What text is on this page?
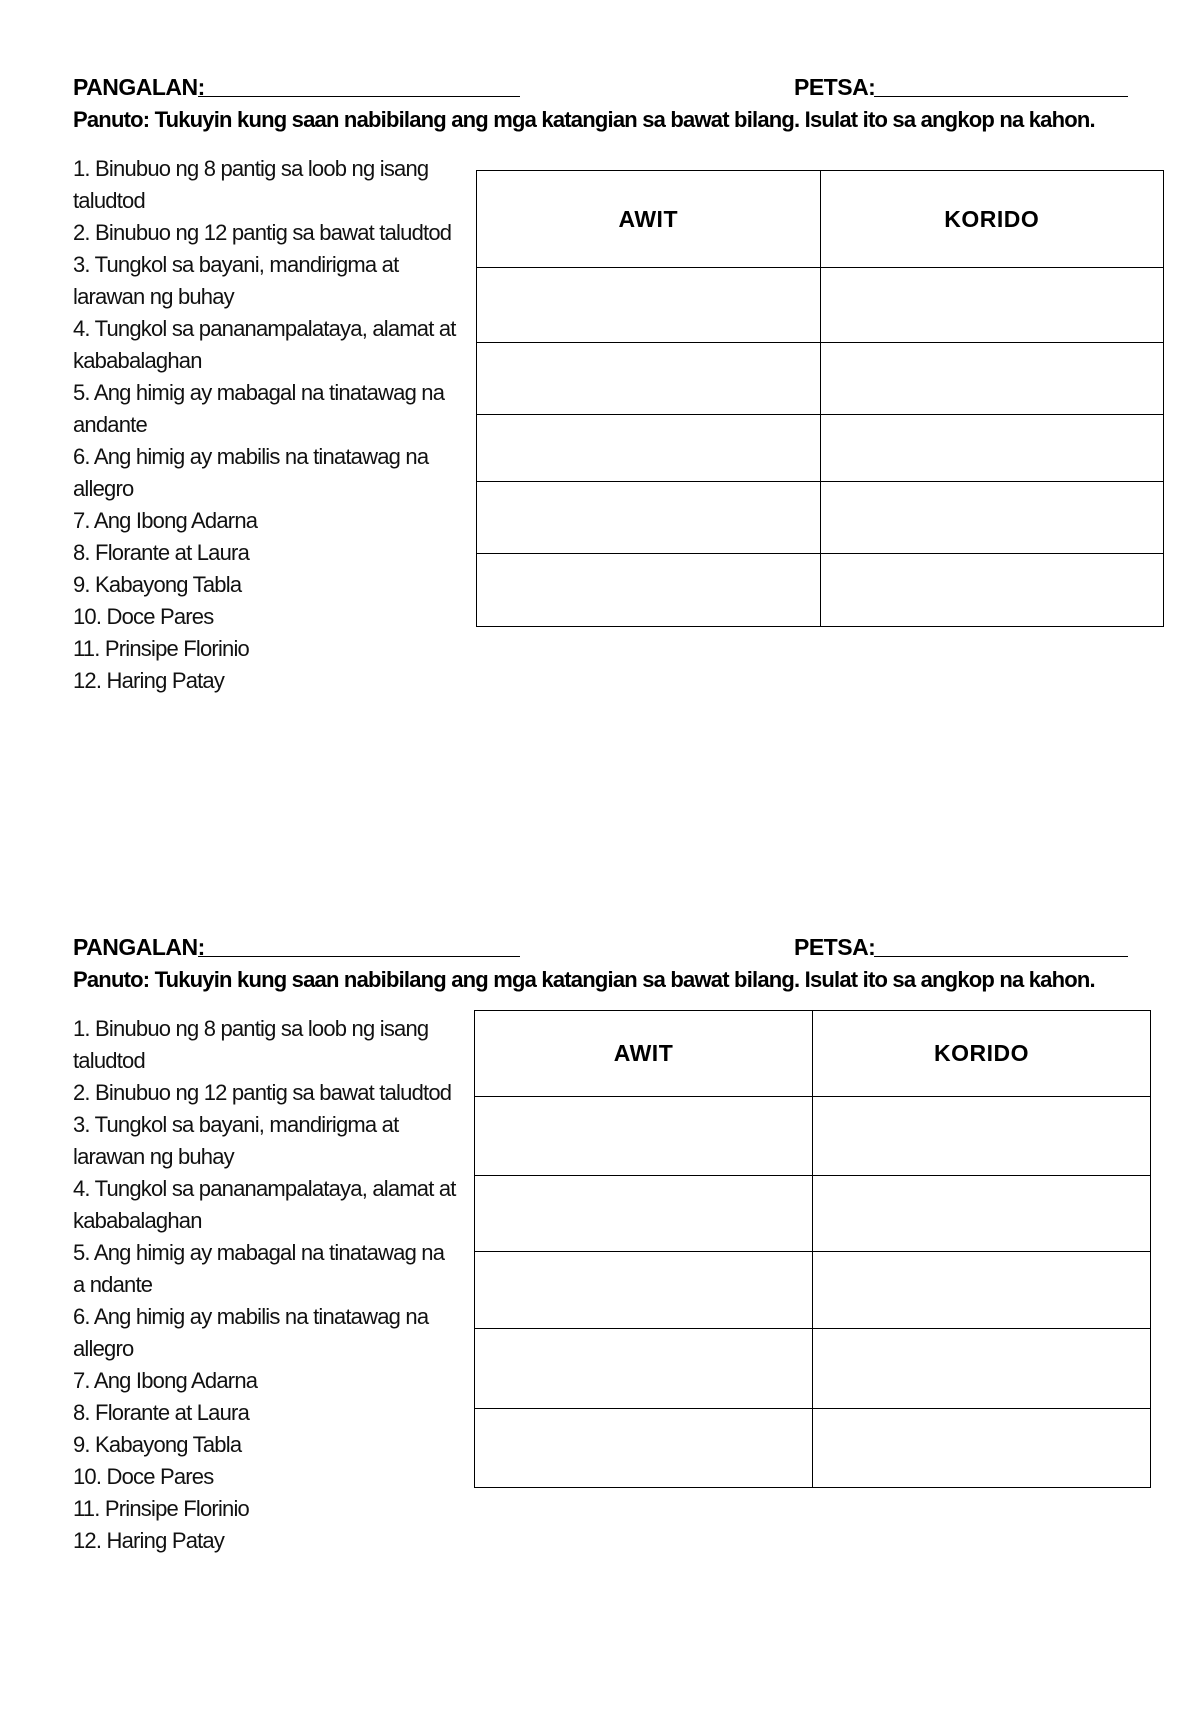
PANGALAN:	PETSA:
Panuto: Tukuyin kung saan nabibilang ang mga katangian sa bawat bilang. Isulat ito sa angkop na kahon.
1. Binubuo ng 8 pantig sa loob ng isang taludtod
2. Binubuo ng 12 pantig sa bawat taludtod
3. Tungkol sa bayani, mandirigma at larawan ng buhay
4. Tungkol sa pananampalataya, alamat at kababalaghan
5. Ang himig ay mabagal na tinatawag na andante
6. Ang himig ay mabilis na tinatawag na allegro
7. Ang Ibong Adarna
8. Florante at Laura
9. Kabayong Tabla
10. Doce Pares
11. Prinsipe Florinio
12. Haring Patay
AWIT	KORIDO

PANGALAN:	PETSA:
Panuto: Tukuyin kung saan nabibilang ang mga katangian sa bawat bilang. Isulat ito sa angkop na kahon.
1. Binubuo ng 8 pantig sa loob ng isang taludtod
2. Binubuo ng 12 pantig sa bawat taludtod
3. Tungkol sa bayani, mandirigma at larawan ng buhay
4. Tungkol sa pananampalataya, alamat at kababalaghan
5. Ang himig ay mabagal na tinatawag na a ndante
6. Ang himig ay mabilis na tinatawag na allegro
7. Ang Ibong Adarna
8. Florante at Laura
9. Kabayong Tabla
10. Doce Pares
11. Prinsipe Florinio
12. Haring Patay
AWIT	KORIDO
